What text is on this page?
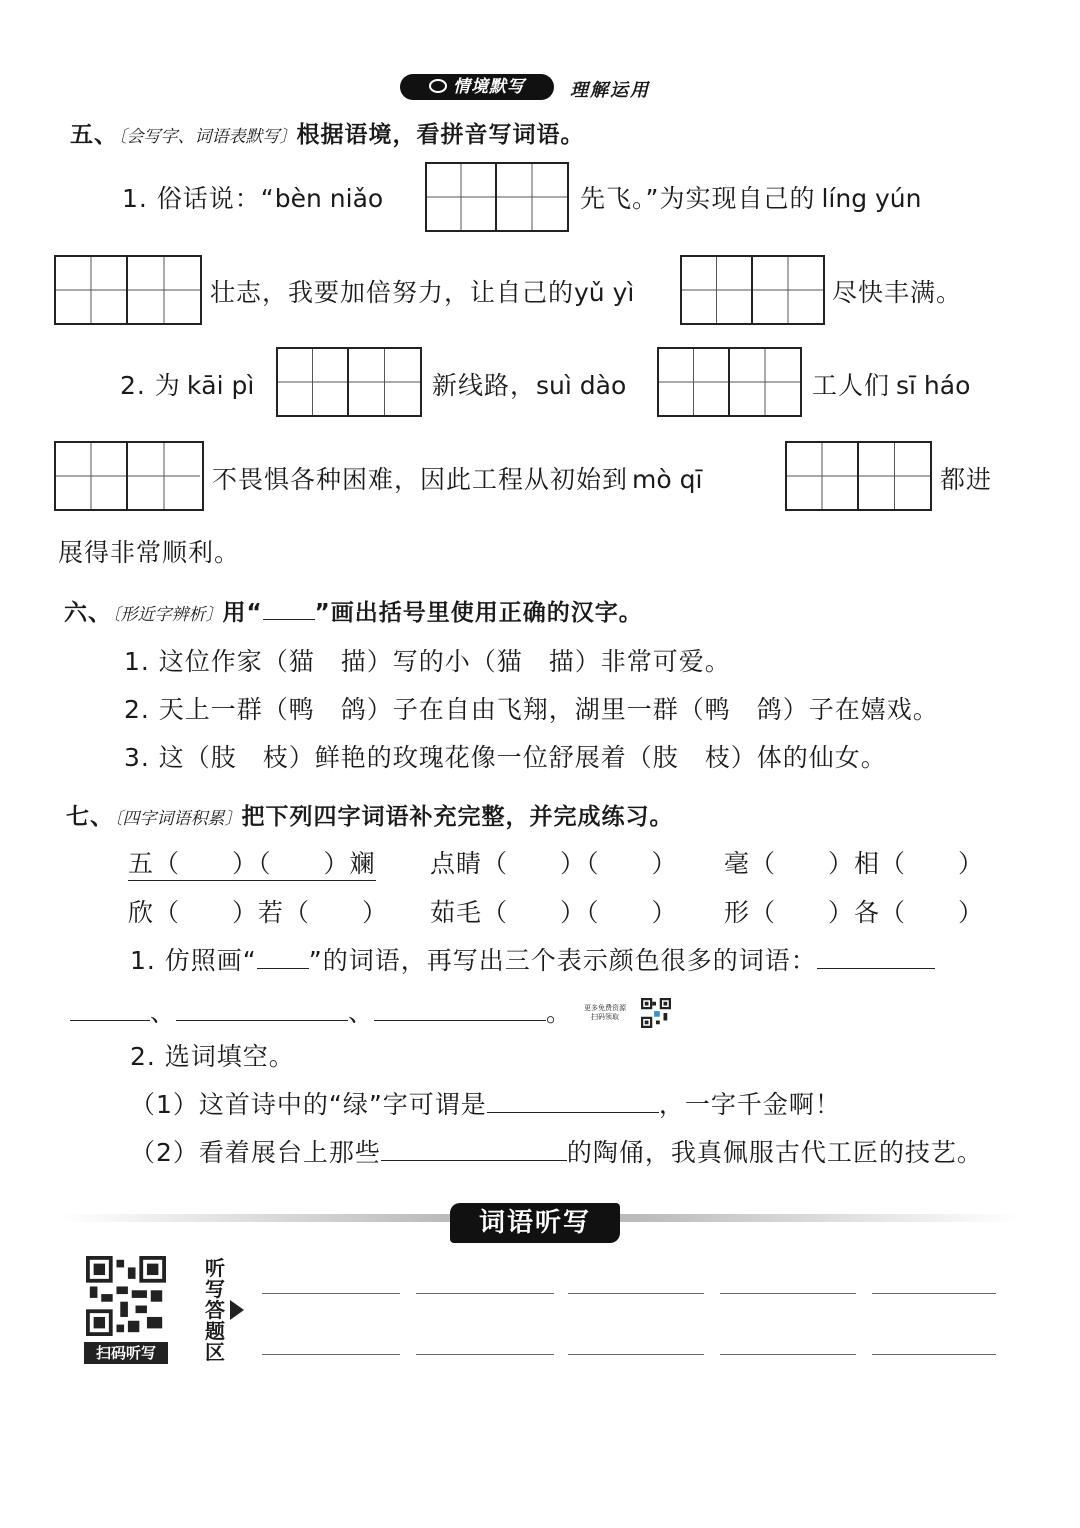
情境默写	理解运用
五、〔会写字、词语表默写〕根据语境，看拼音写词语。
1. 俗话说：“bèn niǎo	先飞。”为实现自己的 líng yún
壮志，我要加倍努力，让自己的yǔ yì	尽快丰满。
2. 为 kāi pì	新线路，suì dào	工人们 sī háo
不畏惧各种困难，因此工程从初始到 mò qī	都进
展得非常顺利。
六、〔形近字辨析〕用“ ”画出括号里使用正确的汉字。
1. 这位作家（猫　描）写的小（猫　描）非常可爱。
2. 天上一群（鸭　鸽）子在自由飞翔，湖里一群（鸭　鸽）子在嬉戏。
3. 这（肢　枝）鲜艳的玫瑰花像一位舒展着（肢　枝）体的仙女。
七、〔四字词语积累〕把下列四字词语补充完整，并完成练习。
五（　　）（　　）斓 点睛（　　）（　　） 毫（　　）相（　　）
欣（　　）若（　　） 茹毛（　　）（　　） 形（　　）各（　　）
1. 仿照画“ ”的词语，再写出三个表示颜色很多的词语：
、	、	。 更多免费资源
扫码领取
2. 选词填空。
（1）这首诗中的“绿”字可谓是	，一字千金啊！
（2）看着展台上那些	的陶俑，我真佩服古代工匠的技艺。
词语听写
扫码听写
听
写
答
题
区
